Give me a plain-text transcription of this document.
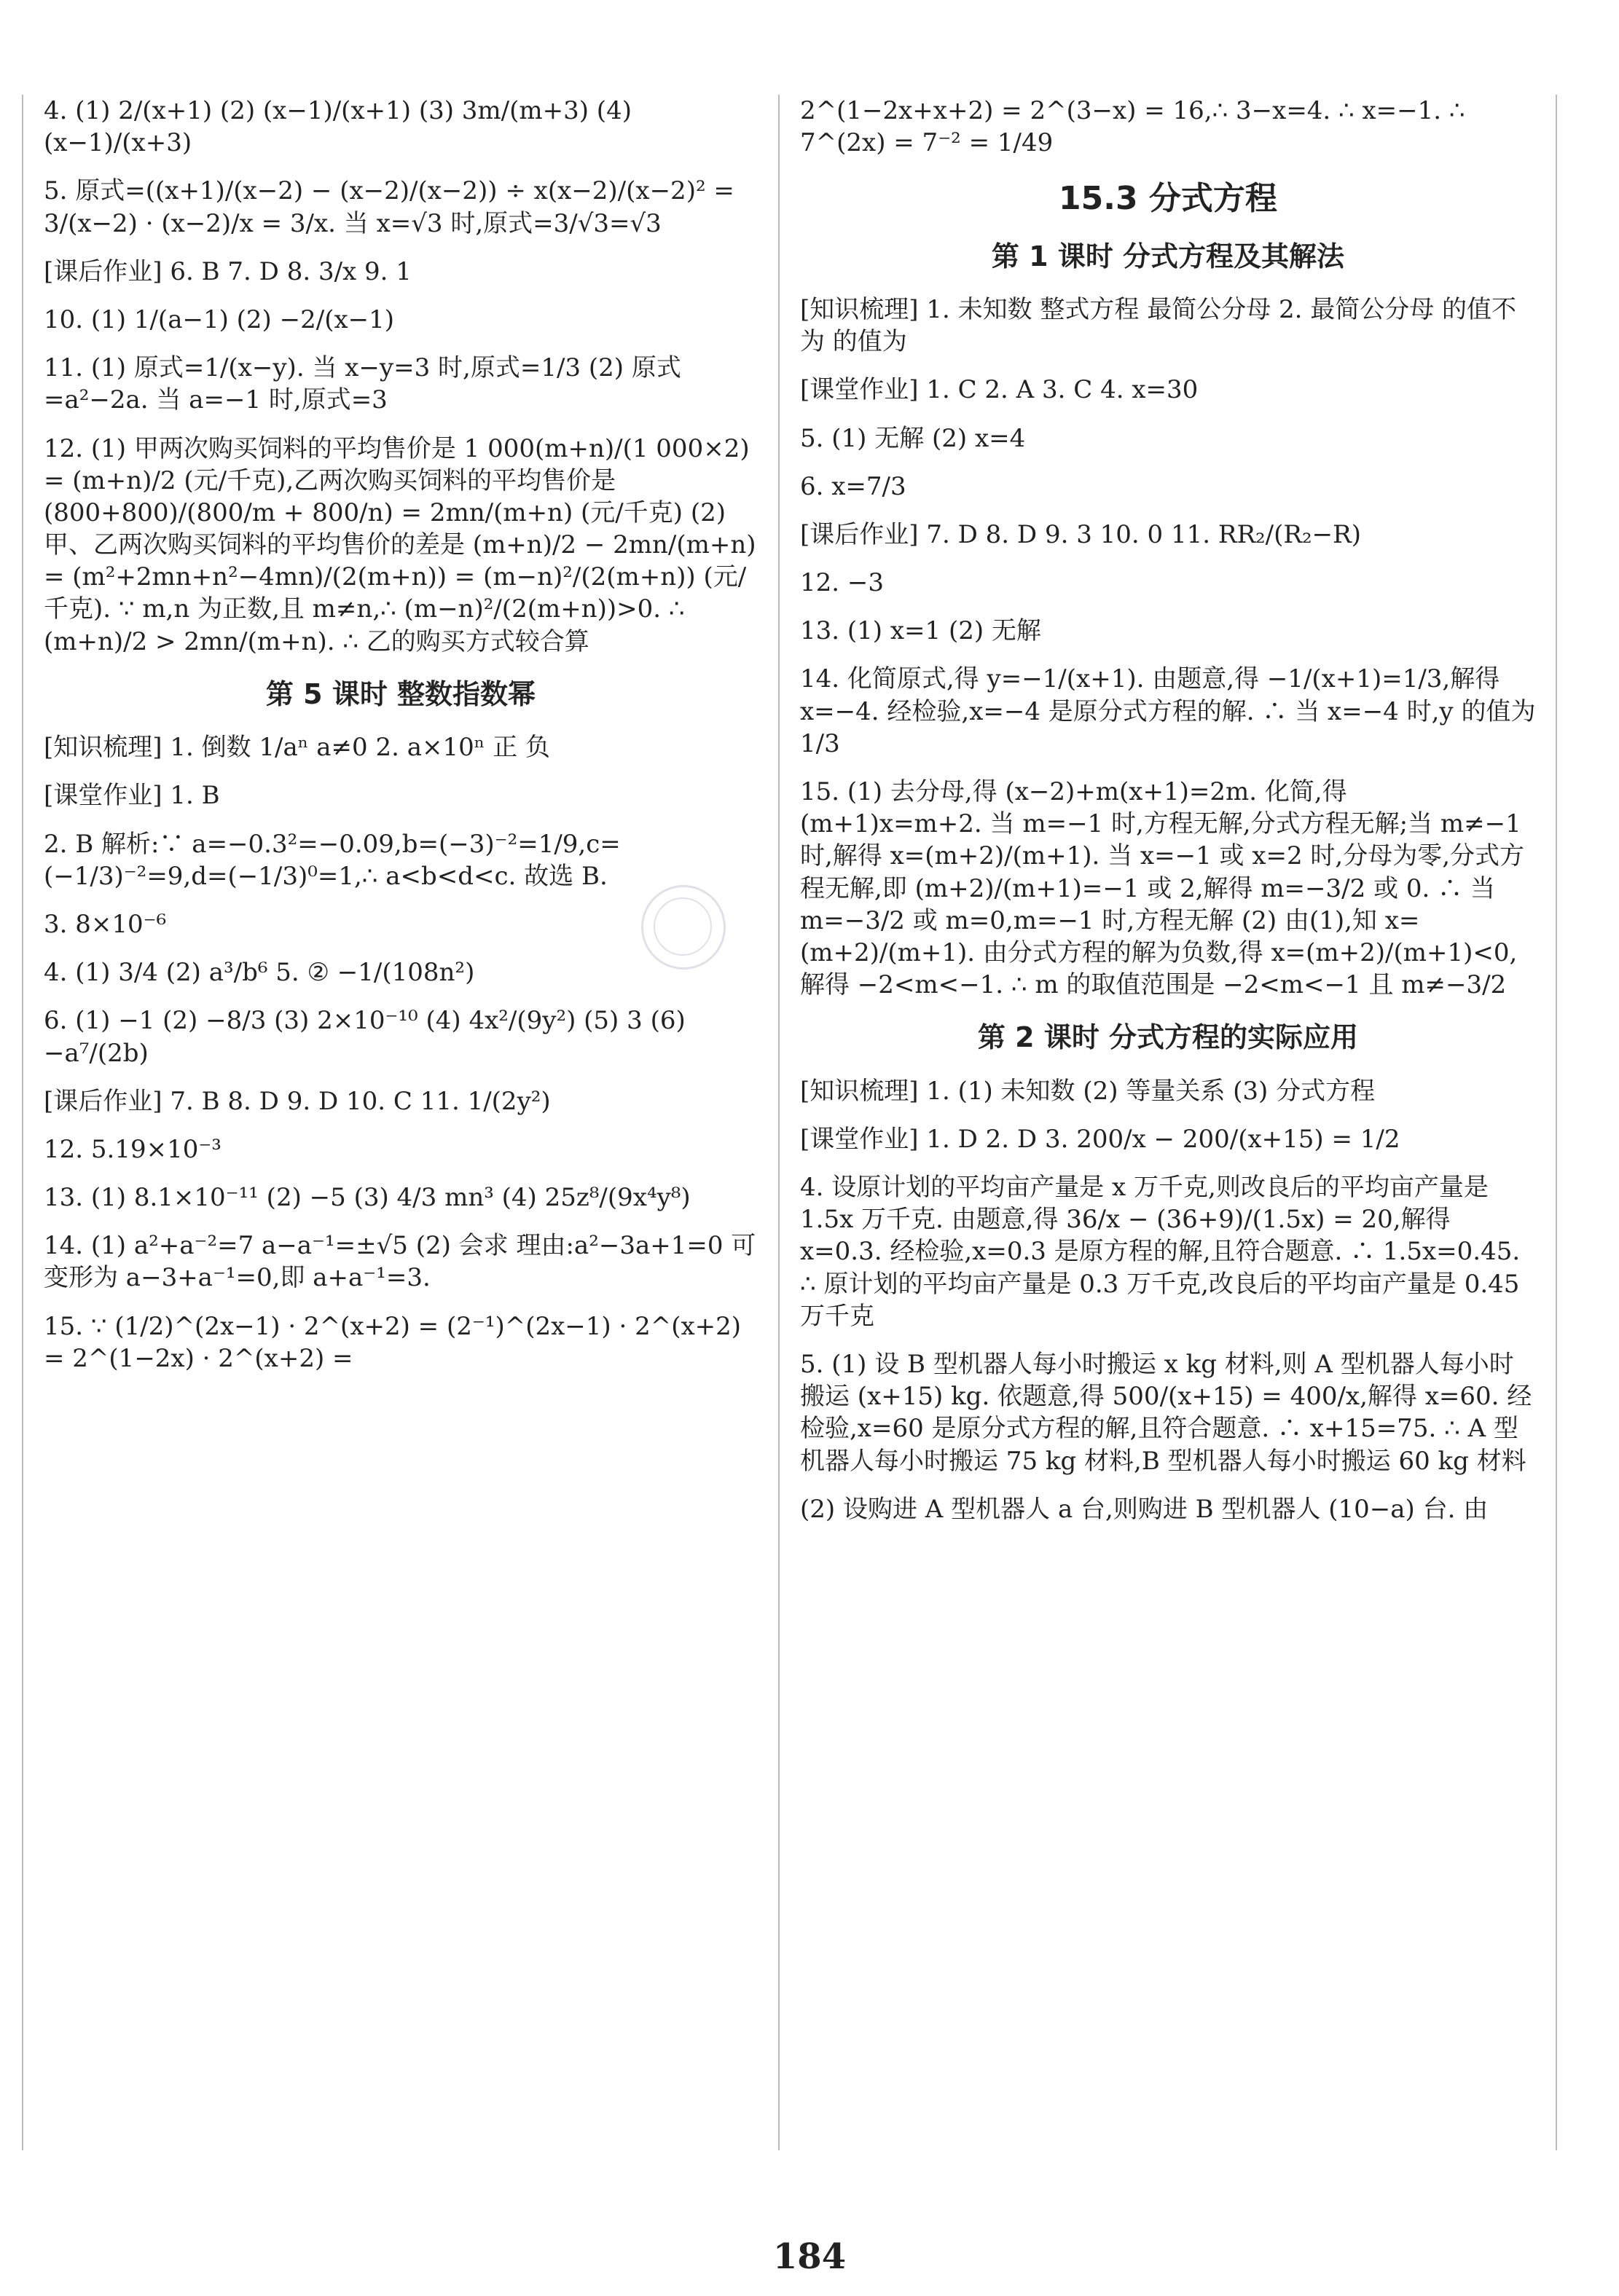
4. (1) 2/(x+1) (2) (x−1)/(x+1) (3) 3m/(m+3) (4) (x−1)/(x+3)

5. 原式=((x+1)/(x−2) − (x−2)/(x−2)) ÷ x(x−2)/(x−2)² = 3/(x−2) · (x−2)/x = 3/x. 当 x=√3 时,原式=3/√3=√3

[课后作业] 6. B 7. D 8. 3/x 9. 1

10. (1) 1/(a−1) (2) −2/(x−1)

11. (1) 原式=1/(x−y). 当 x−y=3 时,原式=1/3 (2) 原式=a²−2a. 当 a=−1 时,原式=3

12. (1) 甲两次购买饲料的平均售价是 1 000(m+n)/(1 000×2) = (m+n)/2 (元/千克),乙两次购买饲料的平均售价是 (800+800)/(800/m + 800/n) = 2mn/(m+n) (元/千克) (2) 甲、乙两次购买饲料的平均售价的差是 (m+n)/2 − 2mn/(m+n) = (m²+2mn+n²−4mn)/(2(m+n)) = (m−n)²/(2(m+n)) (元/千克). ∵ m,n 为正数,且 m≠n,∴ (m−n)²/(2(m+n))>0. ∴ (m+n)/2 > 2mn/(m+n). ∴ 乙的购买方式较合算

第 5 课时 整数指数幂

[知识梳理] 1. 倒数 1/aⁿ a≠0 2. a×10ⁿ 正 负

[课堂作业] 1. B

2. B 解析:∵ a=−0.3²=−0.09,b=(−3)⁻²=1/9,c=(−1/3)⁻²=9,d=(−1/3)⁰=1,∴ a<b<d<c. 故选 B.

3. 8×10⁻⁶

4. (1) 3/4 (2) a³/b⁶ 5. ② −1/(108n²)

6. (1) −1 (2) −8/3 (3) 2×10⁻¹⁰ (4) 4x²/(9y²) (5) 3 (6) −a⁷/(2b)

[课后作业] 7. B 8. D 9. D 10. C 11. 1/(2y²)

12. 5.19×10⁻³

13. (1) 8.1×10⁻¹¹ (2) −5 (3) 4/3 mn³ (4) 25z⁸/(9x⁴y⁸)

14. (1) a²+a⁻²=7 a−a⁻¹=±√5 (2) 会求 理由:a²−3a+1=0 可变形为 a−3+a⁻¹=0,即 a+a⁻¹=3.

15. ∵ (1/2)^(2x−1) · 2^(x+2) = (2⁻¹)^(2x−1) · 2^(x+2) = 2^(1−2x) · 2^(x+2) =

2^(1−2x+x+2) = 2^(3−x) = 16,∴ 3−x=4. ∴ x=−1. ∴ 7^(2x) = 7⁻² = 1/49

15.3 分式方程
第 1 课时 分式方程及其解法

[知识梳理] 1. 未知数 整式方程 最简公分母 2. 最简公分母 的值不为 的值为

[课堂作业] 1. C 2. A 3. C 4. x=30

5. (1) 无解 (2) x=4

6. x=7/3

[课后作业] 7. D 8. D 9. 3 10. 0 11. RR₂/(R₂−R)

12. −3

13. (1) x=1 (2) 无解

14. 化简原式,得 y=−1/(x+1). 由题意,得 −1/(x+1)=1/3,解得 x=−4. 经检验,x=−4 是原分式方程的解. ∴ 当 x=−4 时,y 的值为 1/3

15. (1) 去分母,得 (x−2)+m(x+1)=2m. 化简,得 (m+1)x=m+2. 当 m=−1 时,方程无解,分式方程无解;当 m≠−1 时,解得 x=(m+2)/(m+1). 当 x=−1 或 x=2 时,分母为零,分式方程无解,即 (m+2)/(m+1)=−1 或 2,解得 m=−3/2 或 0. ∴ 当 m=−3/2 或 m=0,m=−1 时,方程无解 (2) 由(1),知 x=(m+2)/(m+1). 由分式方程的解为负数,得 x=(m+2)/(m+1)<0,解得 −2<m<−1. ∴ m 的取值范围是 −2<m<−1 且 m≠−3/2

第 2 课时 分式方程的实际应用

[知识梳理] 1. (1) 未知数 (2) 等量关系 (3) 分式方程

[课堂作业] 1. D 2. D 3. 200/x − 200/(x+15) = 1/2

4. 设原计划的平均亩产量是 x 万千克,则改良后的平均亩产量是 1.5x 万千克. 由题意,得 36/x − (36+9)/(1.5x) = 20,解得 x=0.3. 经检验,x=0.3 是原方程的解,且符合题意. ∴ 1.5x=0.45. ∴ 原计划的平均亩产量是 0.3 万千克,改良后的平均亩产量是 0.45 万千克

5. (1) 设 B 型机器人每小时搬运 x kg 材料,则 A 型机器人每小时搬运 (x+15) kg. 依题意,得 500/(x+15) = 400/x,解得 x=60. 经检验,x=60 是原分式方程的解,且符合题意. ∴ x+15=75. ∴ A 型机器人每小时搬运 75 kg 材料,B 型机器人每小时搬运 60 kg 材料

(2) 设购进 A 型机器人 a 台,则购进 B 型机器人 (10−a) 台. 由

184
